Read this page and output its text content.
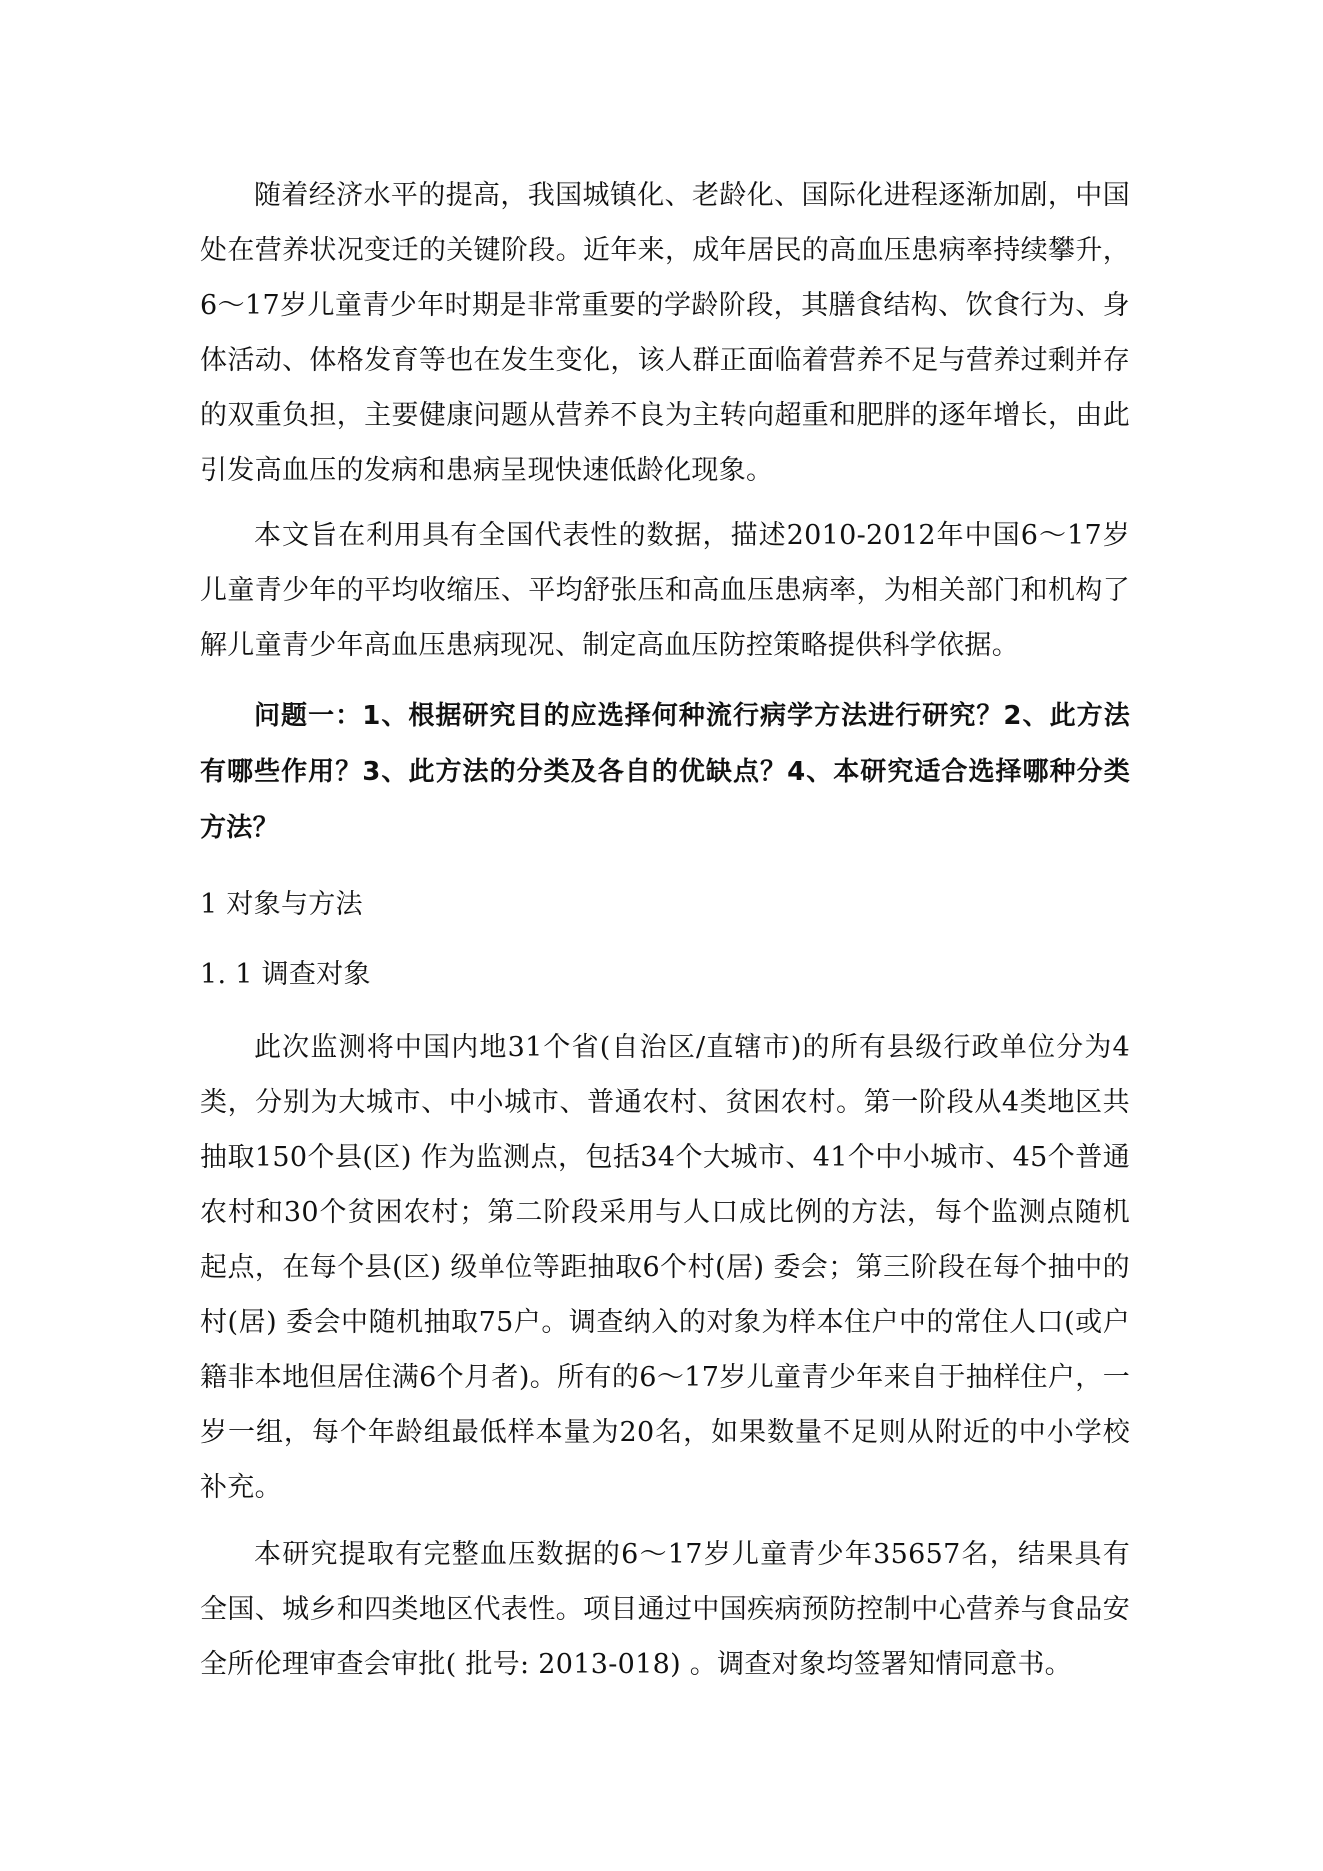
随着经济水平的提高，我国城镇化、老龄化、国际化进程逐渐加剧，中国处在营养状况变迁的关键阶段。近年来，成年居民的高血压患病率持续攀升，6～17岁儿童青少年时期是非常重要的学龄阶段，其膳食结构、饮食行为、身体活动、体格发育等也在发生变化，该人群正面临着营养不足与营养过剩并存的双重负担，主要健康问题从营养不良为主转向超重和肥胖的逐年增长，由此引发高血压的发病和患病呈现快速低龄化现象。

本文旨在利用具有全国代表性的数据，描述2010-2012年中国6～17岁儿童青少年的平均收缩压、平均舒张压和高血压患病率，为相关部门和机构了解儿童青少年高血压患病现况、制定高血压防控策略提供科学依据。

问题一：1、根据研究目的应选择何种流行病学方法进行研究？2、此方法有哪些作用？3、此方法的分类及各自的优缺点？4、本研究适合选择哪种分类方法？

1 对象与方法

1. 1 调查对象

此次监测将中国内地31个省(自治区/直辖市)的所有县级行政单位分为4类，分别为大城市、中小城市、普通农村、贫困农村。第一阶段从4类地区共抽取150个县(区) 作为监测点，包括34个大城市、41个中小城市、45个普通农村和30个贫困农村；第二阶段采用与人口成比例的方法，每个监测点随机起点，在每个县(区) 级单位等距抽取6个村(居) 委会；第三阶段在每个抽中的村(居) 委会中随机抽取75户。调查纳入的对象为样本住户中的常住人口(或户籍非本地但居住满6个月者)。所有的6～17岁儿童青少年来自于抽样住户，一岁一组，每个年龄组最低样本量为20名，如果数量不足则从附近的中小学校补充。

本研究提取有完整血压数据的6～17岁儿童青少年35657名，结果具有全国、城乡和四类地区代表性。项目通过中国疾病预防控制中心营养与食品安全所伦理审查会审批( 批号: 2013-018) 。调查对象均签署知情同意书。
